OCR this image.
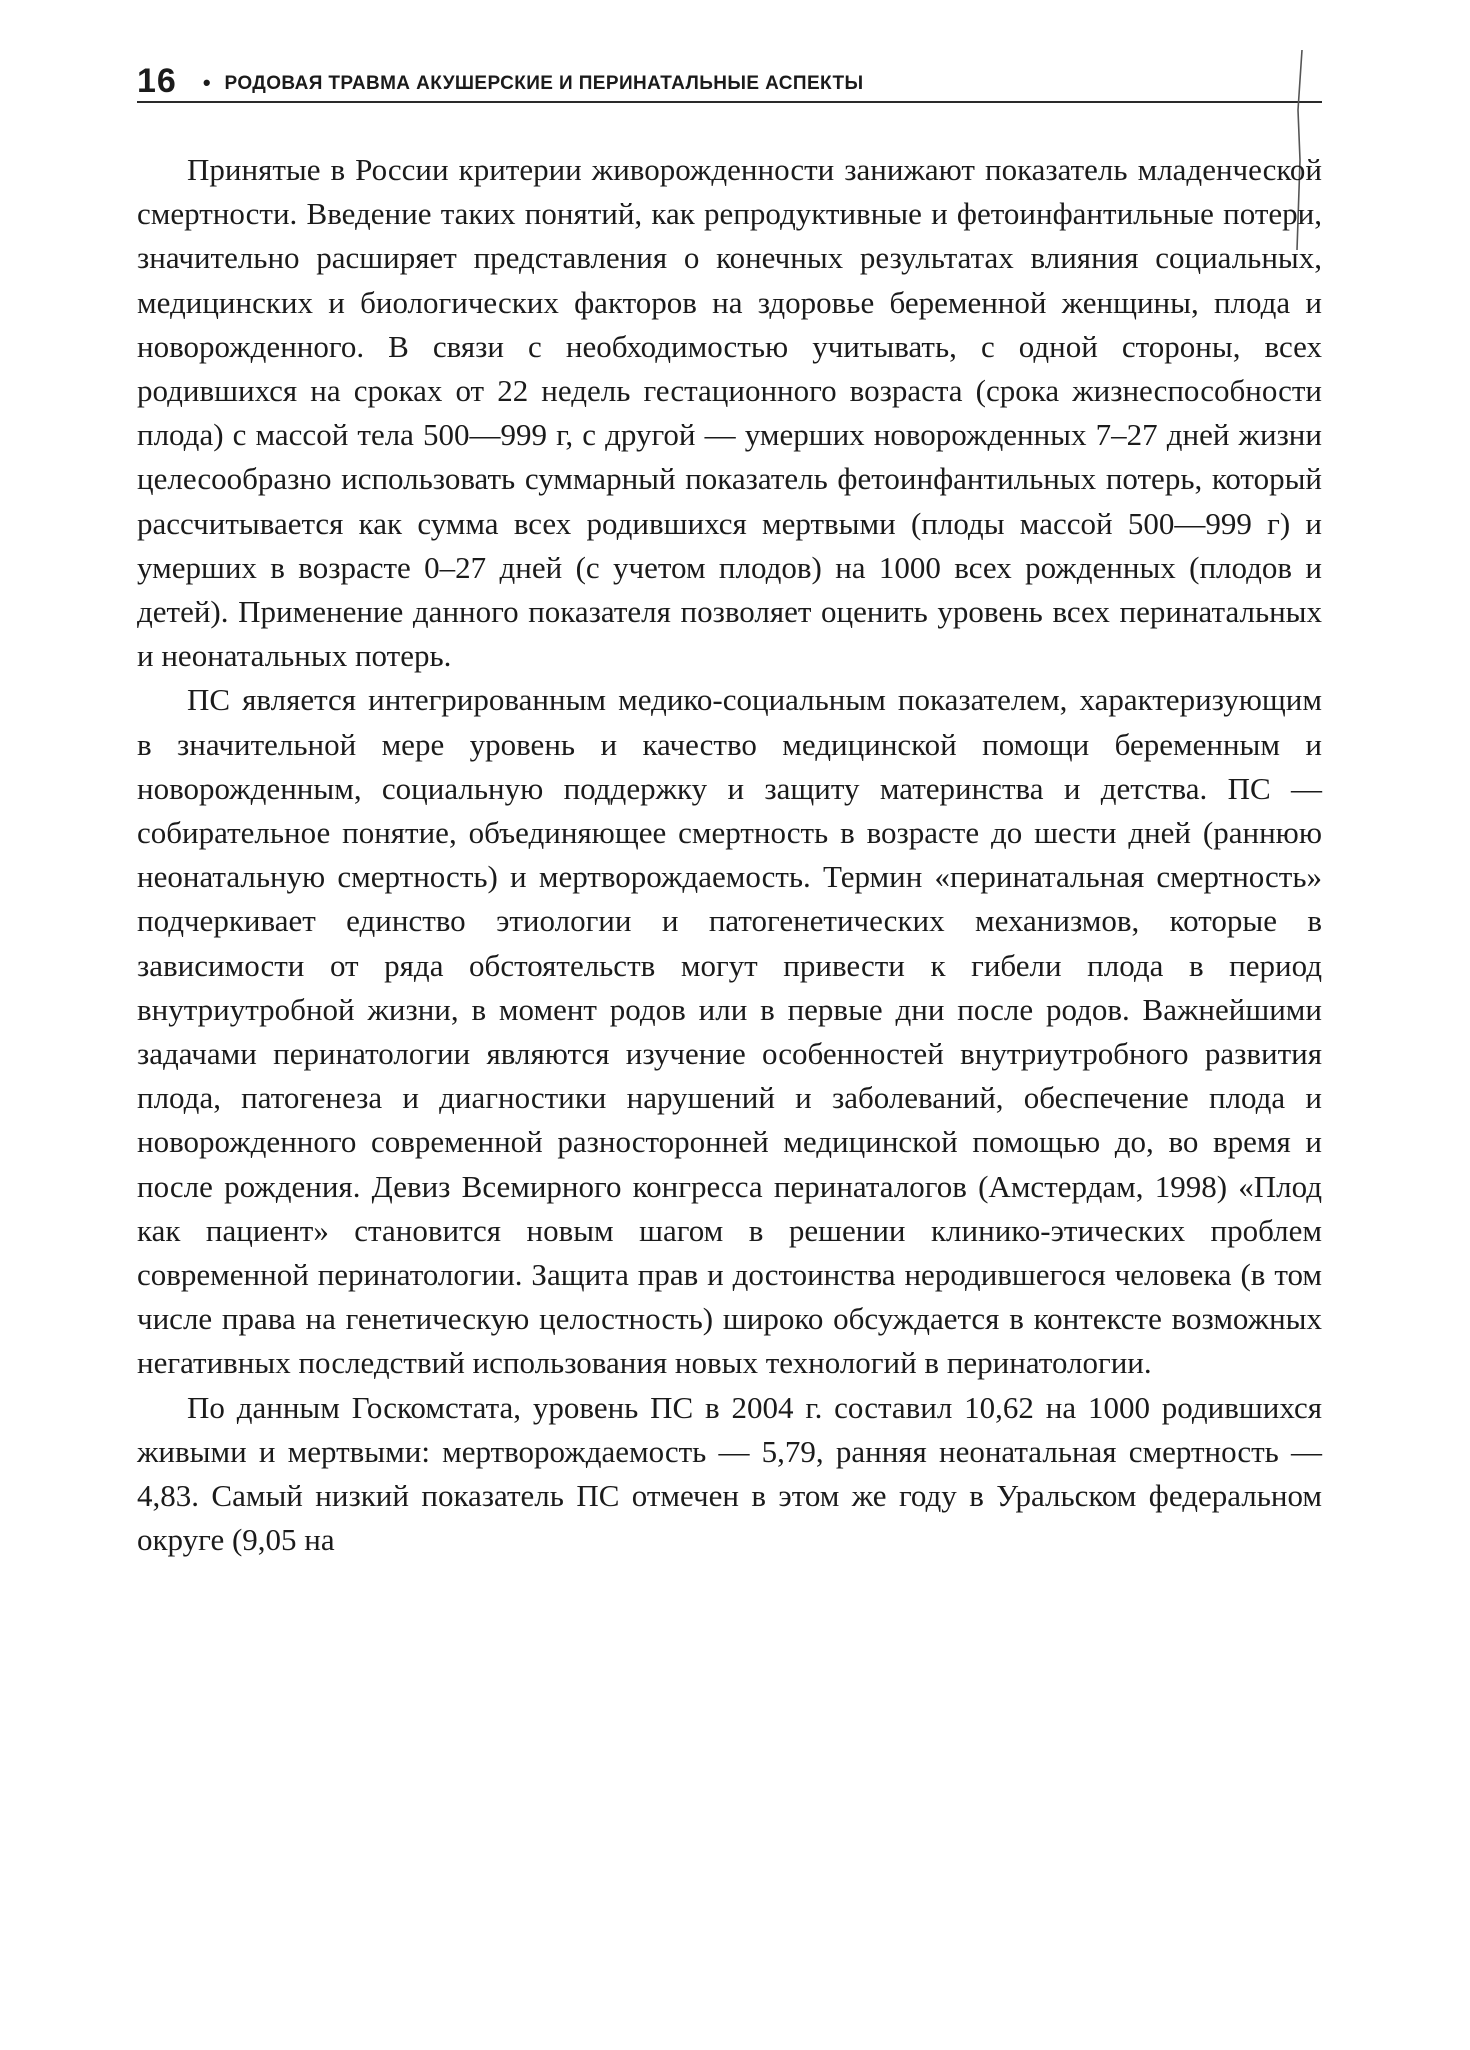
16 • РОДОВАЯ ТРАВМА АКУШЕРСКИЕ И ПЕРИНАТАЛЬНЫЕ АСПЕКТЫ

Принятые в России критерии живорожденности занижают показатель младенческой смертности. Введение таких понятий, как репродуктивные и фетоинфантильные потери, значительно расширяет представления о конечных результатах влияния социальных, медицинских и биологических факторов на здоровье беременной женщины, плода и новорожденного. В связи с необходимостью учитывать, с одной стороны, всех родившихся на сроках от 22 недель гестационного возраста (срока жизнеспособности плода) с массой тела 500—999 г, с другой — умерших новорожденных 7–27 дней жизни целесообразно использовать суммарный показатель фетоинфантильных потерь, который рассчитывается как сумма всех родившихся мертвыми (плоды массой 500—999 г) и умерших в возрасте 0–27 дней (с учетом плодов) на 1000 всех рожденных (плодов и детей). Применение данного показателя позволяет оценить уровень всех перинатальных и неонатальных потерь.

ПС является интегрированным медико-социальным показателем, характеризующим в значительной мере уровень и качество медицинской помощи беременным и новорожденным, социальную поддержку и защиту материнства и детства. ПС — собирательное понятие, объединяющее смертность в возрасте до шести дней (раннюю неонатальную смертность) и мертворождаемость. Термин «перинатальная смертность» подчеркивает единство этиологии и патогенетических механизмов, которые в зависимости от ряда обстоятельств могут привести к гибели плода в период внутриутробной жизни, в момент родов или в первые дни после родов. Важнейшими задачами перинатологии являются изучение особенностей внутриутробного развития плода, патогенеза и диагностики нарушений и заболеваний, обеспечение плода и новорожденного современной разносторонней медицинской помощью до, во время и после рождения. Девиз Всемирного конгресса перинаталогов (Амстердам, 1998) «Плод как пациент» становится новым шагом в решении клинико-этических проблем современной перинатологии. Защита прав и достоинства неродившегося человека (в том числе права на генетическую целостность) широко обсуждается в контексте возможных негативных последствий использования новых технологий в перинатологии.

По данным Госкомстата, уровень ПС в 2004 г. составил 10,62 на 1000 родившихся живыми и мертвыми: мертворождаемость — 5,79, ранняя неонатальная смертность — 4,83. Самый низкий показатель ПС отмечен в этом же году в Уральском федеральном округе (9,05 на
